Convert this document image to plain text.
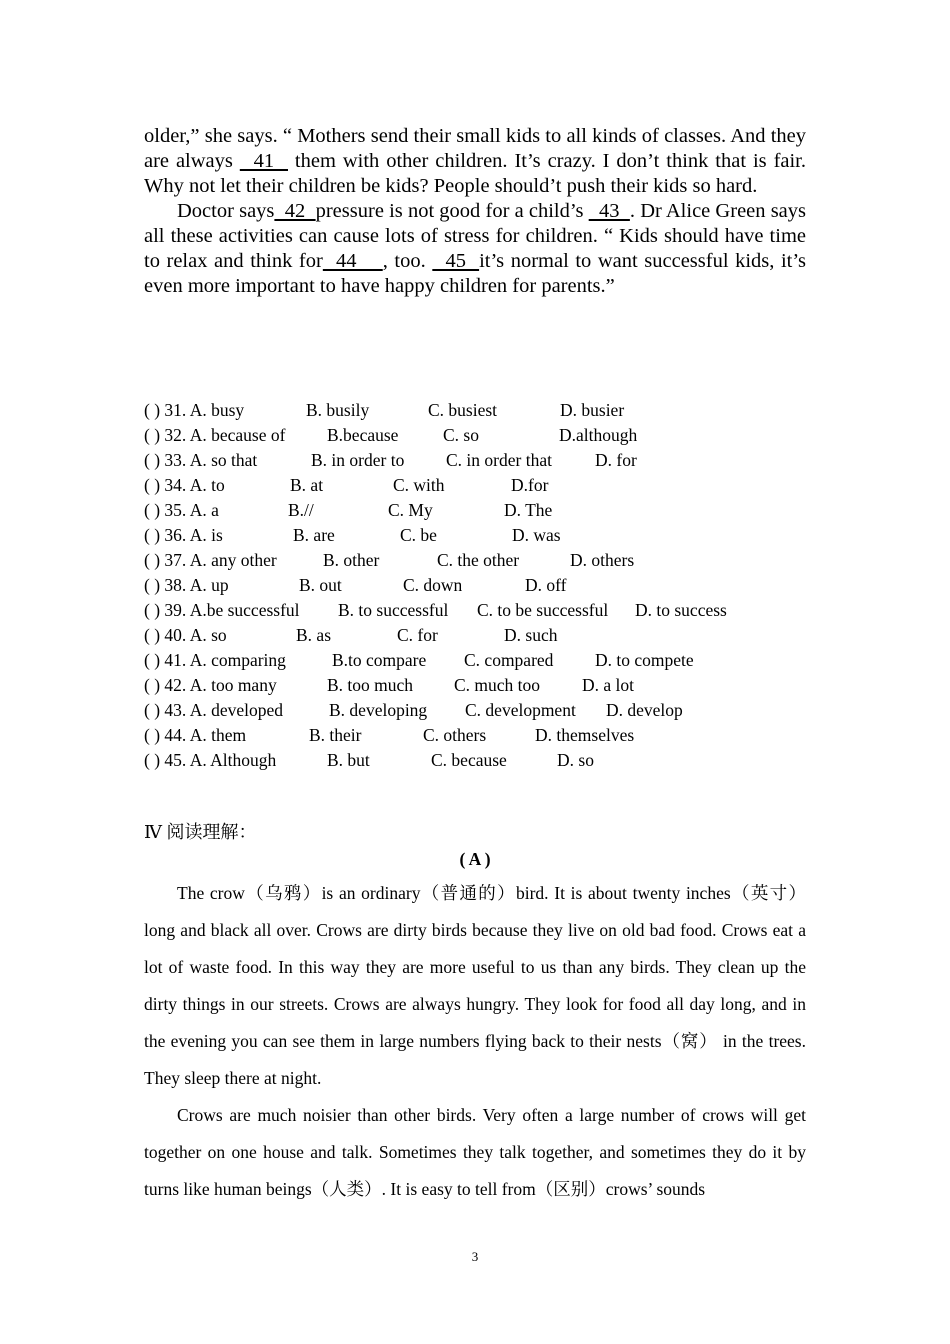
older,” she says. “ Mothers send their small kids to all kinds of classes. And they are always   41   them with other children. It’s crazy. I don’t think that is fair. Why not let their children be kids? People should’t push their kids so hard.

Doctor says  42  pressure is not good for a child’s   43  . Dr Alice Green says all these activities can cause lots of stress for children. “ Kids should have time to relax and think for  44    , too.   45  it’s normal to want successful kids, it’s even more important to have happy children for parents.”

( ) 31. A. busy	B. busily	C. busiest	D. busier
( ) 32. A. because of B.because	C. so	D.although
( ) 33. A. so that	B. in order to C. in order that D. for
( ) 34. A. to	B. at	C. with	D.for
( ) 35. A. a	B.//	C. My	D. The
( ) 36. A. is	B. are	C. be	D. was
( ) 37. A. any other	B. other	C. the other	D. others
( ) 38. A. up	B. out	C. down	D. off
( ) 39. A.be successful B. to successful C. to be successful D. to success
( ) 40. A. so	B. as	C. for	D. such
( ) 41. A. comparing	B.to compare C. compared D. to compete
( ) 42. A. too many	B. too much C. much too D. a lot
( ) 43. A. developed	B. developing C. development D. develop
( ) 44. A. them	B. their	C. others	D. themselves
( ) 45. A. Although	B. but	C. because	D. so
Ⅳ 阅读理解：
( A )

The crow（乌鸦）is an ordinary（普通的）bird. It is about twenty inches（英寸）long and black all over. Crows are dirty birds because they live on old bad food. Crows eat a lot of waste food. In this way they are more useful to us than any birds. They clean up the dirty things in our streets. Crows are always hungry. They look for food all day long, and in the evening you can see them in large numbers flying back to their nests（窝） in the trees. They sleep there at night.

Crows are much noisier than other birds. Very often a large number of crows will get together on one house and talk. Sometimes they talk together, and sometimes they do it by turns like human beings（人类）. It is easy to tell from（区别）crows’ sounds

3
